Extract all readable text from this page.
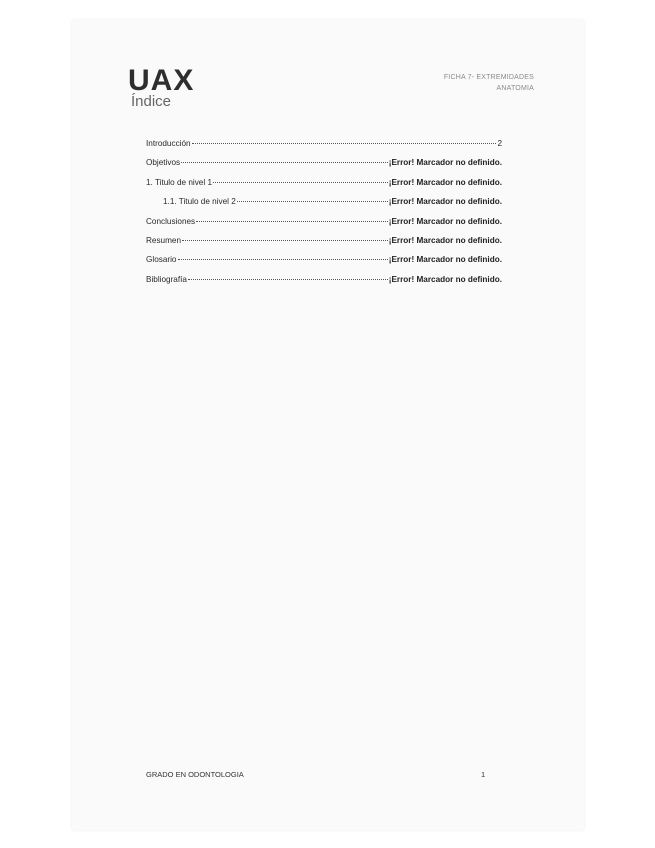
UAX
Índice
FICHA 7- EXTREMIDADES
ANATOMIA
Introducción	2
Objetivos	¡Error! Marcador no definido.
1. Titulo de nivel 1	¡Error! Marcador no definido.
1.1. Titulo de nivel 2	¡Error! Marcador no definido.
Conclusiones	¡Error! Marcador no definido.
Resumen	¡Error! Marcador no definido.
Glosario	¡Error! Marcador no definido.
Bibliografía	¡Error! Marcador no definido.
GRADO EN ODONTOLOGIA	1
